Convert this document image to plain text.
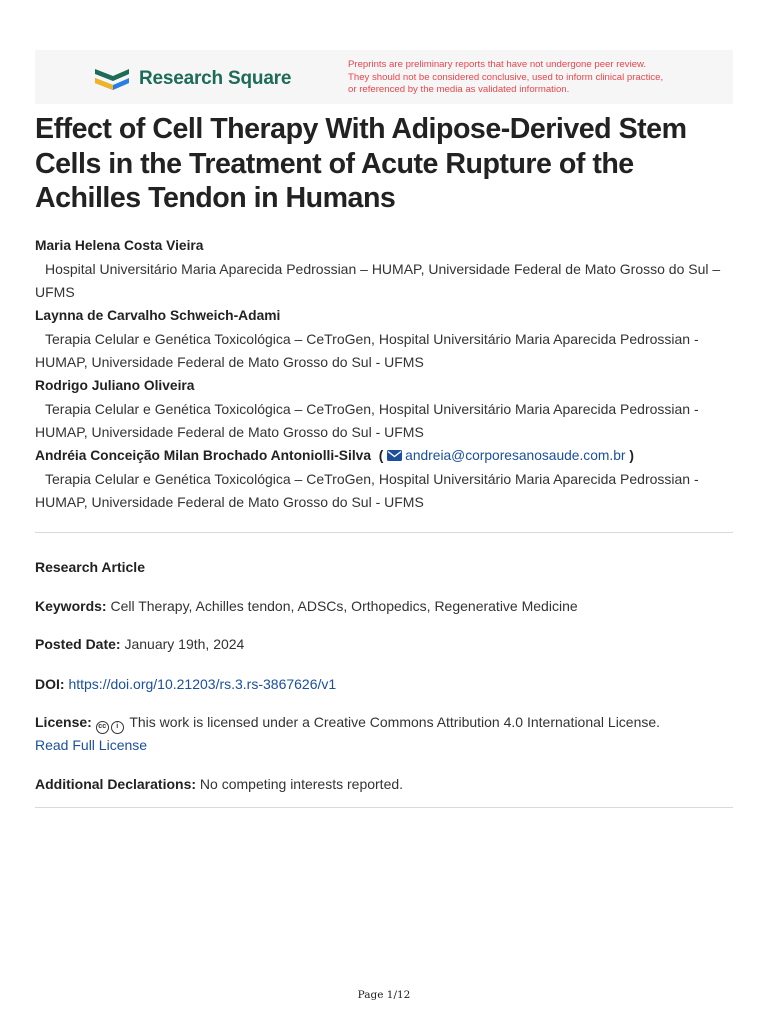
Research Square
Preprints are preliminary reports that have not undergone peer review.
They should not be considered conclusive, used to inform clinical practice,
or referenced by the media as validated information.
Effect of Cell Therapy With Adipose-Derived Stem Cells in the Treatment of Acute Rupture of the Achilles Tendon in Humans
Maria Helena Costa Vieira
Hospital Universitário Maria Aparecida Pedrossian – HUMAP, Universidade Federal de Mato Grosso do Sul – UFMS
Laynna de Carvalho Schweich-Adami
Terapia Celular e Genética Toxicológica – CeTroGen, Hospital Universitário Maria Aparecida Pedrossian - HUMAP, Universidade Federal de Mato Grosso do Sul - UFMS
Rodrigo Juliano Oliveira
Terapia Celular e Genética Toxicológica – CeTroGen, Hospital Universitário Maria Aparecida Pedrossian - HUMAP, Universidade Federal de Mato Grosso do Sul - UFMS
Andréia Conceição Milan Brochado Antoniolli-Silva  ( andreia@corporesanosaude.com.br )
Terapia Celular e Genética Toxicológica – CeTroGen, Hospital Universitário Maria Aparecida Pedrossian - HUMAP, Universidade Federal de Mato Grosso do Sul - UFMS
Research Article
Keywords: Cell Therapy, Achilles tendon, ADSCs, Orthopedics, Regenerative Medicine
Posted Date: January 19th, 2024
DOI: https://doi.org/10.21203/rs.3.rs-3867626/v1
License: cc i This work is licensed under a Creative Commons Attribution 4.0 International License.
Read Full License
Additional Declarations: No competing interests reported.
Page 1/12
